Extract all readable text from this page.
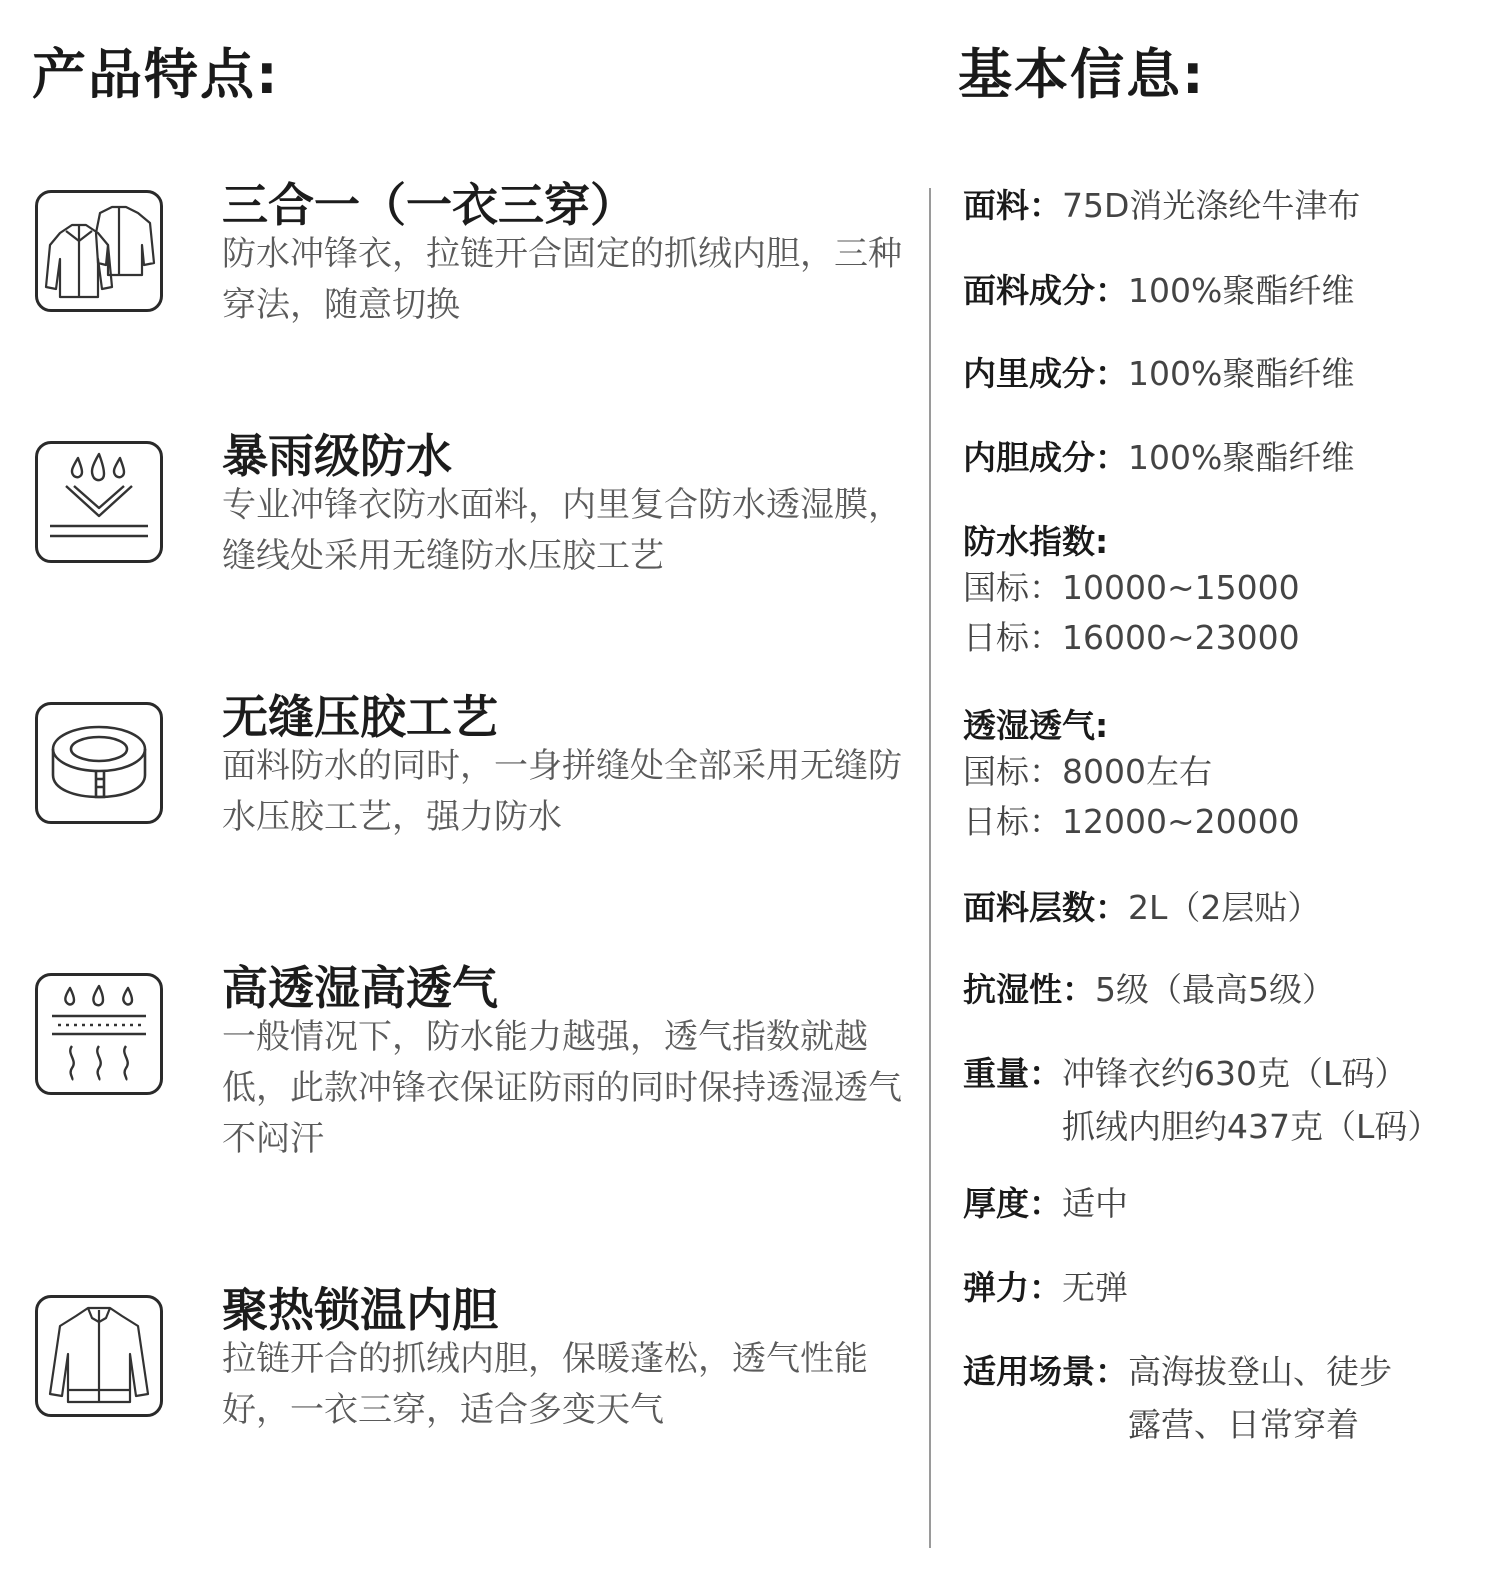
产品特点:	基本信息:
三合一（一衣三穿）
防水冲锋衣，拉链开合固定的抓绒内胆，三种穿法，随意切换
暴雨级防水
专业冲锋衣防水面料，内里复合防水透湿膜，缝线处采用无缝防水压胶工艺
无缝压胶工艺
面料防水的同时，一身拼缝处全部采用无缝防水压胶工艺，强力防水
高透湿高透气
一般情况下，防水能力越强，透气指数就越低，此款冲锋衣保证防雨的同时保持透湿透气不闷汗
聚热锁温内胆
拉链开合的抓绒内胆，保暖蓬松，透气性能好，一衣三穿，适合多变天气
面料：75D消光涤纶牛津布
面料成分：100%聚酯纤维
内里成分：100%聚酯纤维
内胆成分：100%聚酯纤维
防水指数:
国标：10000~15000
日标：16000~23000
透湿透气:
国标：8000左右
日标：12000~20000
面料层数：2L（2层贴）
抗湿性：5级（最高5级）
重量： 冲锋衣约630克（L码）
抓绒内胆约437克（L码）
厚度：适中
弹力：无弹
适用场景： 高海拔登山、徒步
露营、日常穿着
